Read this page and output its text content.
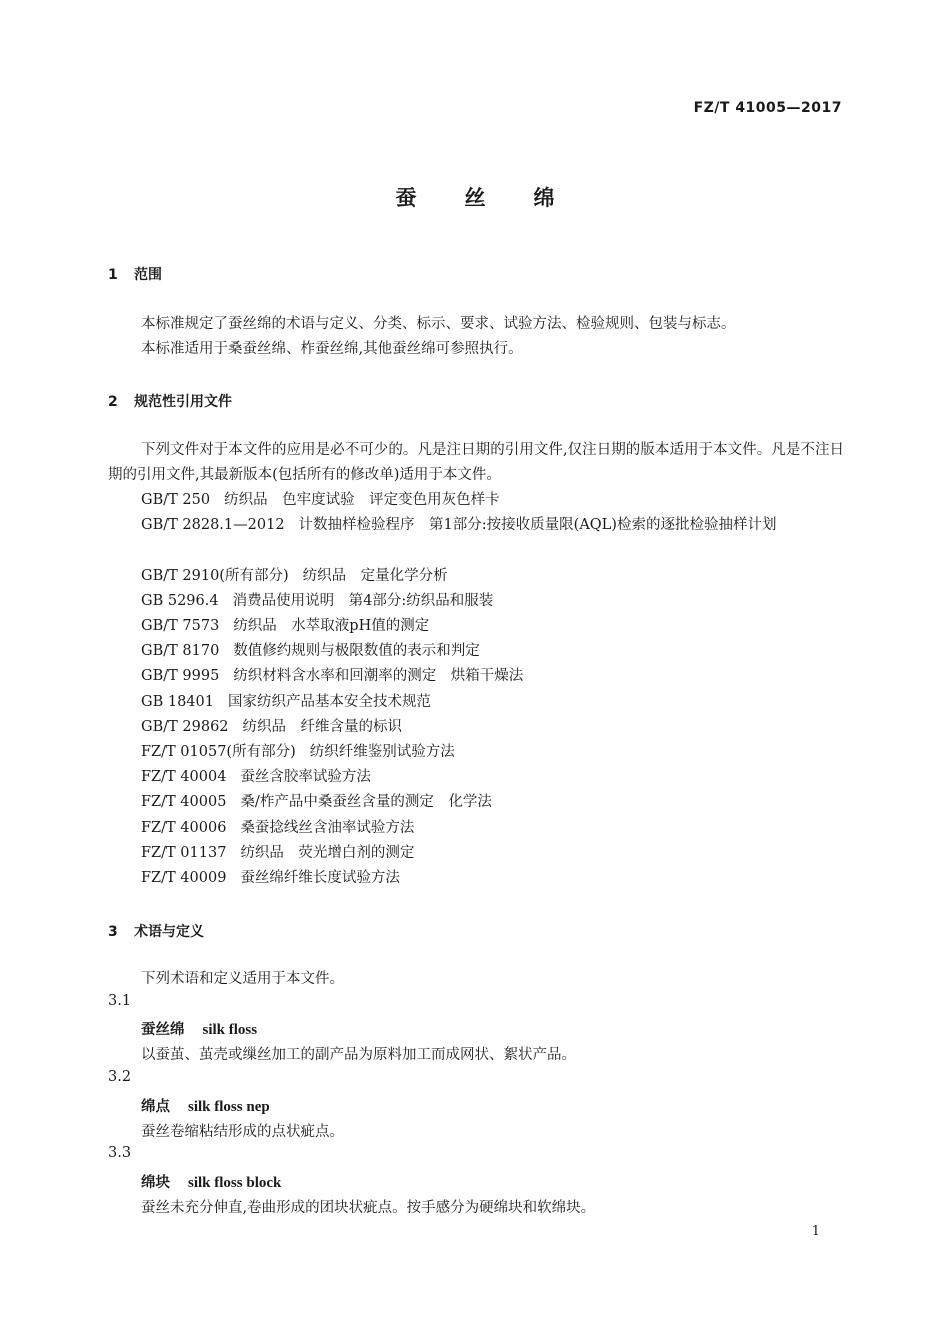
FZ/T 41005—2017
蚕 丝 绵
1 范围
本标准规定了蚕丝绵的术语与定义、分类、标示、要求、试验方法、检验规则、包装与标志。
本标准适用于桑蚕丝绵、柞蚕丝绵,其他蚕丝绵可参照执行。
2 规范性引用文件
下列文件对于本文件的应用是必不可少的。凡是注日期的引用文件,仅注日期的版本适用于本文件。凡是不注日期的引用文件,其最新版本(包括所有的修改单)适用于本文件。
GB/T 250 纺织品　色牢度试验　评定变色用灰色样卡
GB/T 2828.1—2012 计数抽样检验程序　第1部分:按接收质量限(AQL)检索的逐批检验抽样计划
GB/T 2910(所有部分) 纺织品　定量化学分析
GB 5296.4 消费品使用说明　第4部分:纺织品和服装
GB/T 7573 纺织品　水萃取液pH值的测定
GB/T 8170 数值修约规则与极限数值的表示和判定
GB/T 9995 纺织材料含水率和回潮率的测定　烘箱干燥法
GB 18401 国家纺织产品基本安全技术规范
GB/T 29862 纺织品　纤维含量的标识
FZ/T 01057(所有部分) 纺织纤维鉴别试验方法
FZ/T 40004 蚕丝含胶率试验方法
FZ/T 40005 桑/柞产品中桑蚕丝含量的测定　化学法
FZ/T 40006 桑蚕捻线丝含油率试验方法
FZ/T 01137 纺织品　荧光增白剂的测定
FZ/T 40009 蚕丝绵纤维长度试验方法
3 术语与定义
下列术语和定义适用于本文件。
3.1
蚕丝绵 silk floss
以蚕茧、茧壳或缫丝加工的副产品为原料加工而成网状、絮状产品。
3.2
绵点 silk floss nep
蚕丝卷缩粘结形成的点状疵点。
3.3
绵块 silk floss block
蚕丝未充分伸直,卷曲形成的团块状疵点。按手感分为硬绵块和软绵块。
1
